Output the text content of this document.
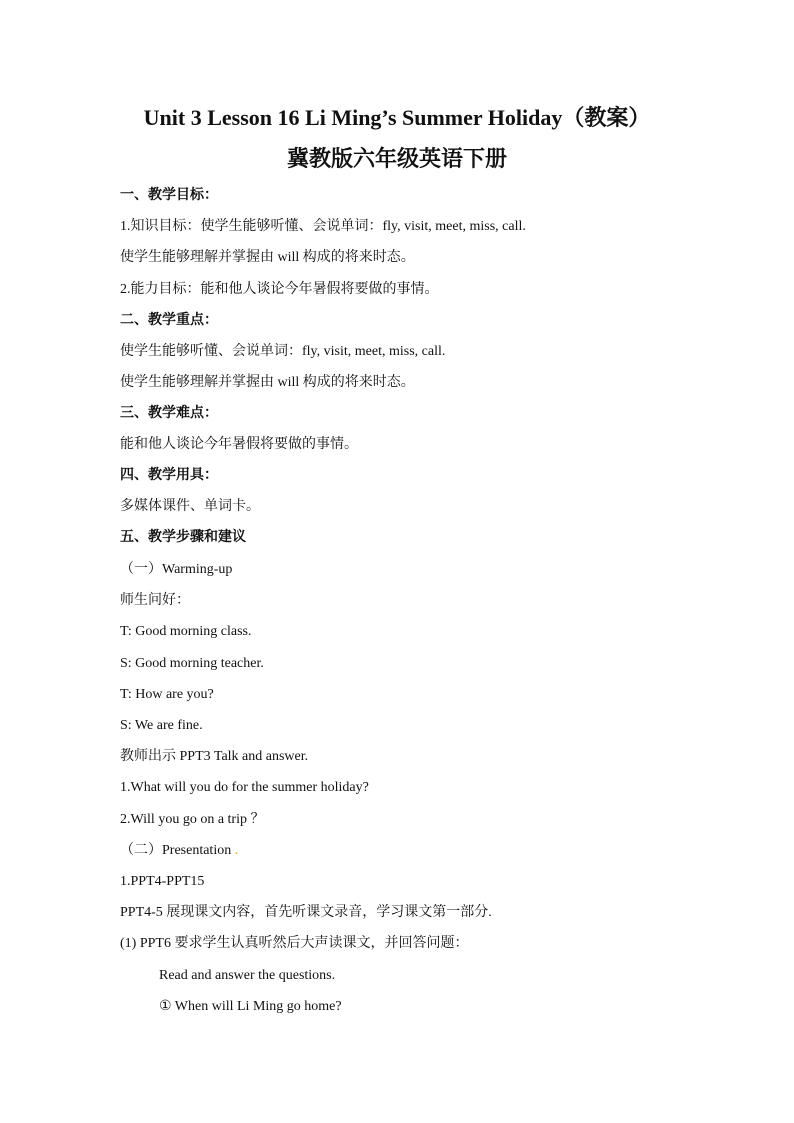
Unit 3 Lesson 16 Li Ming’s Summer Holiday（教案）
冀教版六年级英语下册
一、教学目标：
1.知识目标：使学生能够听懂、会说单词：fly, visit, meet, miss, call.
使学生能够理解并掌握由 will 构成的将来时态。
2.能力目标：能和他人谈论今年暑假将要做的事情。
二、教学重点：
使学生能够听懂、会说单词：fly, visit, meet, miss, call.
使学生能够理解并掌握由 will 构成的将来时态。
三、教学难点：
能和他人谈论今年暑假将要做的事情。
四、教学用具：
多媒体课件、单词卡。
五、教学步骤和建议
（一）Warming-up
师生问好：
T: Good morning class.
S: Good morning teacher.
T: How are you?
S: We are fine.
教师出示 PPT3 Talk and answer.
1.What will you do for the summer holiday?
2.Will you go on a trip ？
（二）Presentation .
1.PPT4-PPT15
PPT4-5 展现课文内容，首先听课文录音，学习课文第一部分.
(1) PPT6 要求学生认真听然后大声读课文，并回答问题：
Read and answer the questions.
① When will Li Ming go home?
